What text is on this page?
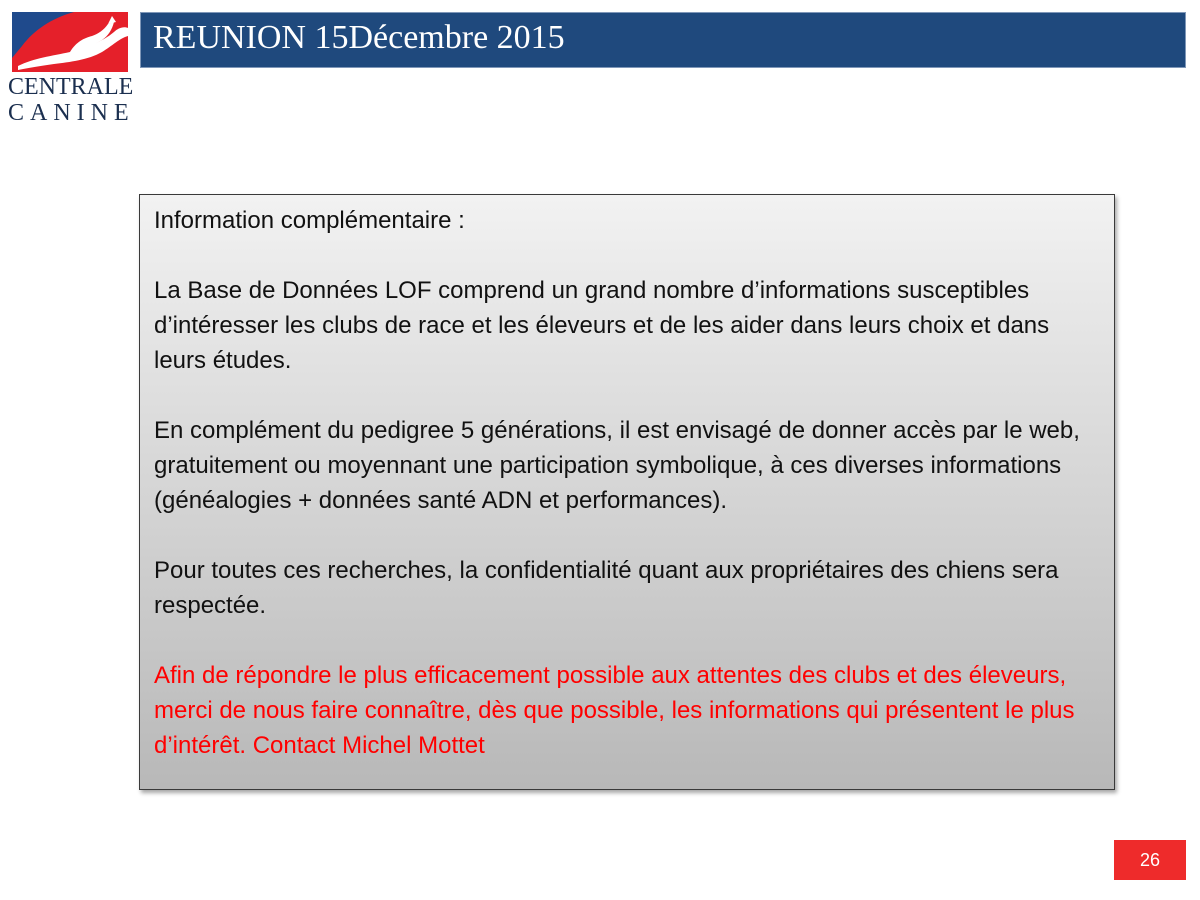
CENTRALE
CANINE
REUNION 15Décembre 2015

Information complémentaire :

La Base de Données LOF comprend un grand nombre d’informations susceptibles d’intéresser les clubs de race et les éleveurs et de les aider dans leurs choix et dans leurs études.

En complément du pedigree 5 générations, il est envisagé de donner accès par le web, gratuitement ou moyennant une participation symbolique, à ces diverses informations (généalogies + données santé ADN et performances).

Pour toutes ces recherches, la confidentialité quant aux propriétaires des chiens sera respectée.

Afin de répondre le plus efficacement possible aux attentes des clubs et des éleveurs, merci de nous faire connaître, dès que possible, les informations qui présentent le plus d’intérêt. Contact Michel Mottet

26
